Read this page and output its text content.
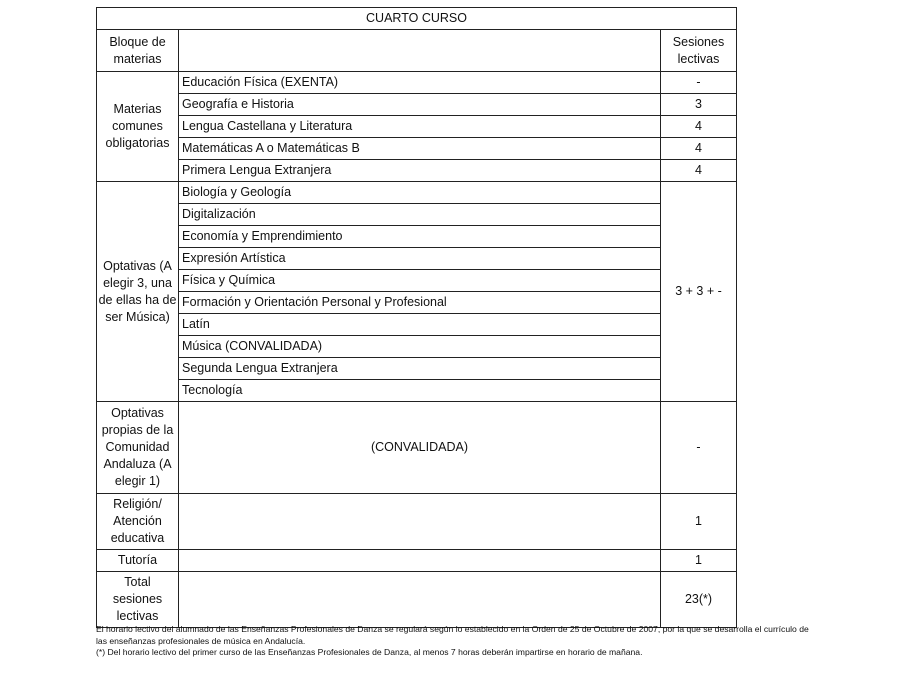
CUARTO CURSO		
Bloque de materias		Sesiones lectivas
Materias comunes obligatorias	Educación Física (EXENTA)	-
	Geografía e Historia	3
	Lengua Castellana y Literatura	4
	Matemáticas A o Matemáticas B	4
	Primera Lengua Extranjera	4
Optativas (A elegir 3, una de ellas ha de ser Música)	Biología y Geología	3 + 3 + -
	Digitalización	
	Economía y Emprendimiento	
	Expresión Artística	
	Física y Química	
	Formación y Orientación Personal y Profesional	
	Latín	
	Música (CONVALIDADA)	
	Segunda Lengua Extranjera	
	Tecnología	
Optativas propias de la Comunidad Andaluza (A elegir 1)	(CONVALIDADA)	-
Religión/ Atención educativa		1
Tutoría		1
Total sesiones lectivas		23(*)

El horario lectivo del alumnado de las Enseñanzas Profesionales de Danza se regulará según lo establecido en la Orden de 25 de Octubre de 2007, por la que se desarrolla el currículo de las enseñanzas profesionales de música en Andalucía.

(*) Del horario lectivo del primer curso de las Enseñanzas Profesionales de Danza, al menos 7 horas deberán impartirse en horario de mañana.
